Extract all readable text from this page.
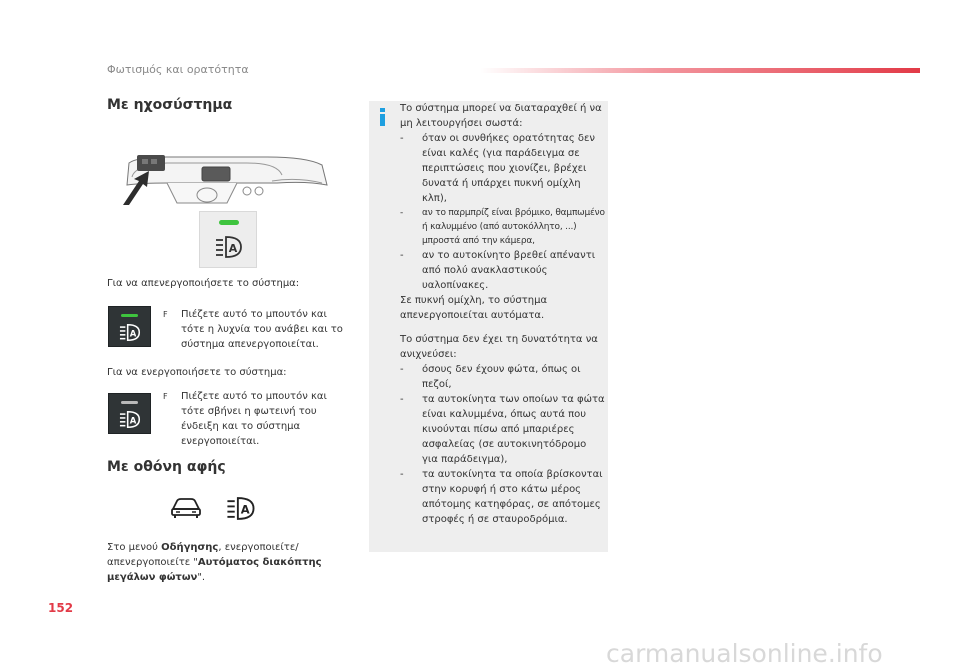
Φωτισμός και ορατότητα
Με ηχοσύστημα
A
Για να απενεργοποιήσετε το σύστημα:
A
F Πιέζετε αυτό το μπουτόν και τότε η λυχνία του ανάβει και το σύστημα απενεργοποιείται.
Για να ενεργοποιήσετε το σύστημα:
A
F Πιέζετε αυτό το μπουτόν και τότε σβήνει η φωτεινή του ένδειξη και το σύστημα ενεργοποιείται.
Με οθόνη αφής
A
Στο μενού Οδήγησης, ενεργοποιείτε/ απενεργοποιείτε "Αυτόματος διακόπτης μεγάλων φώτων".
Το σύστημα μπορεί να διαταραχθεί ή να μη λειτουργήσει σωστά:
- όταν οι συνθήκες ορατότητας δεν είναι καλές (για παράδειγμα σε περιπτώσεις που χιονίζει, βρέχει δυνατά ή υπάρχει πυκνή ομίχλη κλπ),
- αν το παρμπρίζ είναι βρόμικο, θαμπωμένο ή καλυμμένο (από αυτοκόλλητο, ...) μπροστά από την κάμερα,
- αν το αυτοκίνητο βρεθεί απέναντι από πολύ ανακλαστικούς υαλοπίνακες.
Σε πυκνή ομίχλη, το σύστημα απενεργοποιείται αυτόματα.
Το σύστημα δεν έχει τη δυνατότητα να ανιχνεύσει:
- όσους δεν έχουν φώτα, όπως οι πεζοί,
- τα αυτοκίνητα των οποίων τα φώτα είναι καλυμμένα, όπως αυτά που κινούνται πίσω από μπαριέρες ασφαλείας (σε αυτοκινητόδρομο για παράδειγμα),
- τα αυτοκίνητα τα οποία βρίσκονται στην κορυφή ή στο κάτω μέρος απότομης κατηφόρας, σε απότομες στροφές ή σε σταυροδρόμια.
152
carmanualsonline.info
